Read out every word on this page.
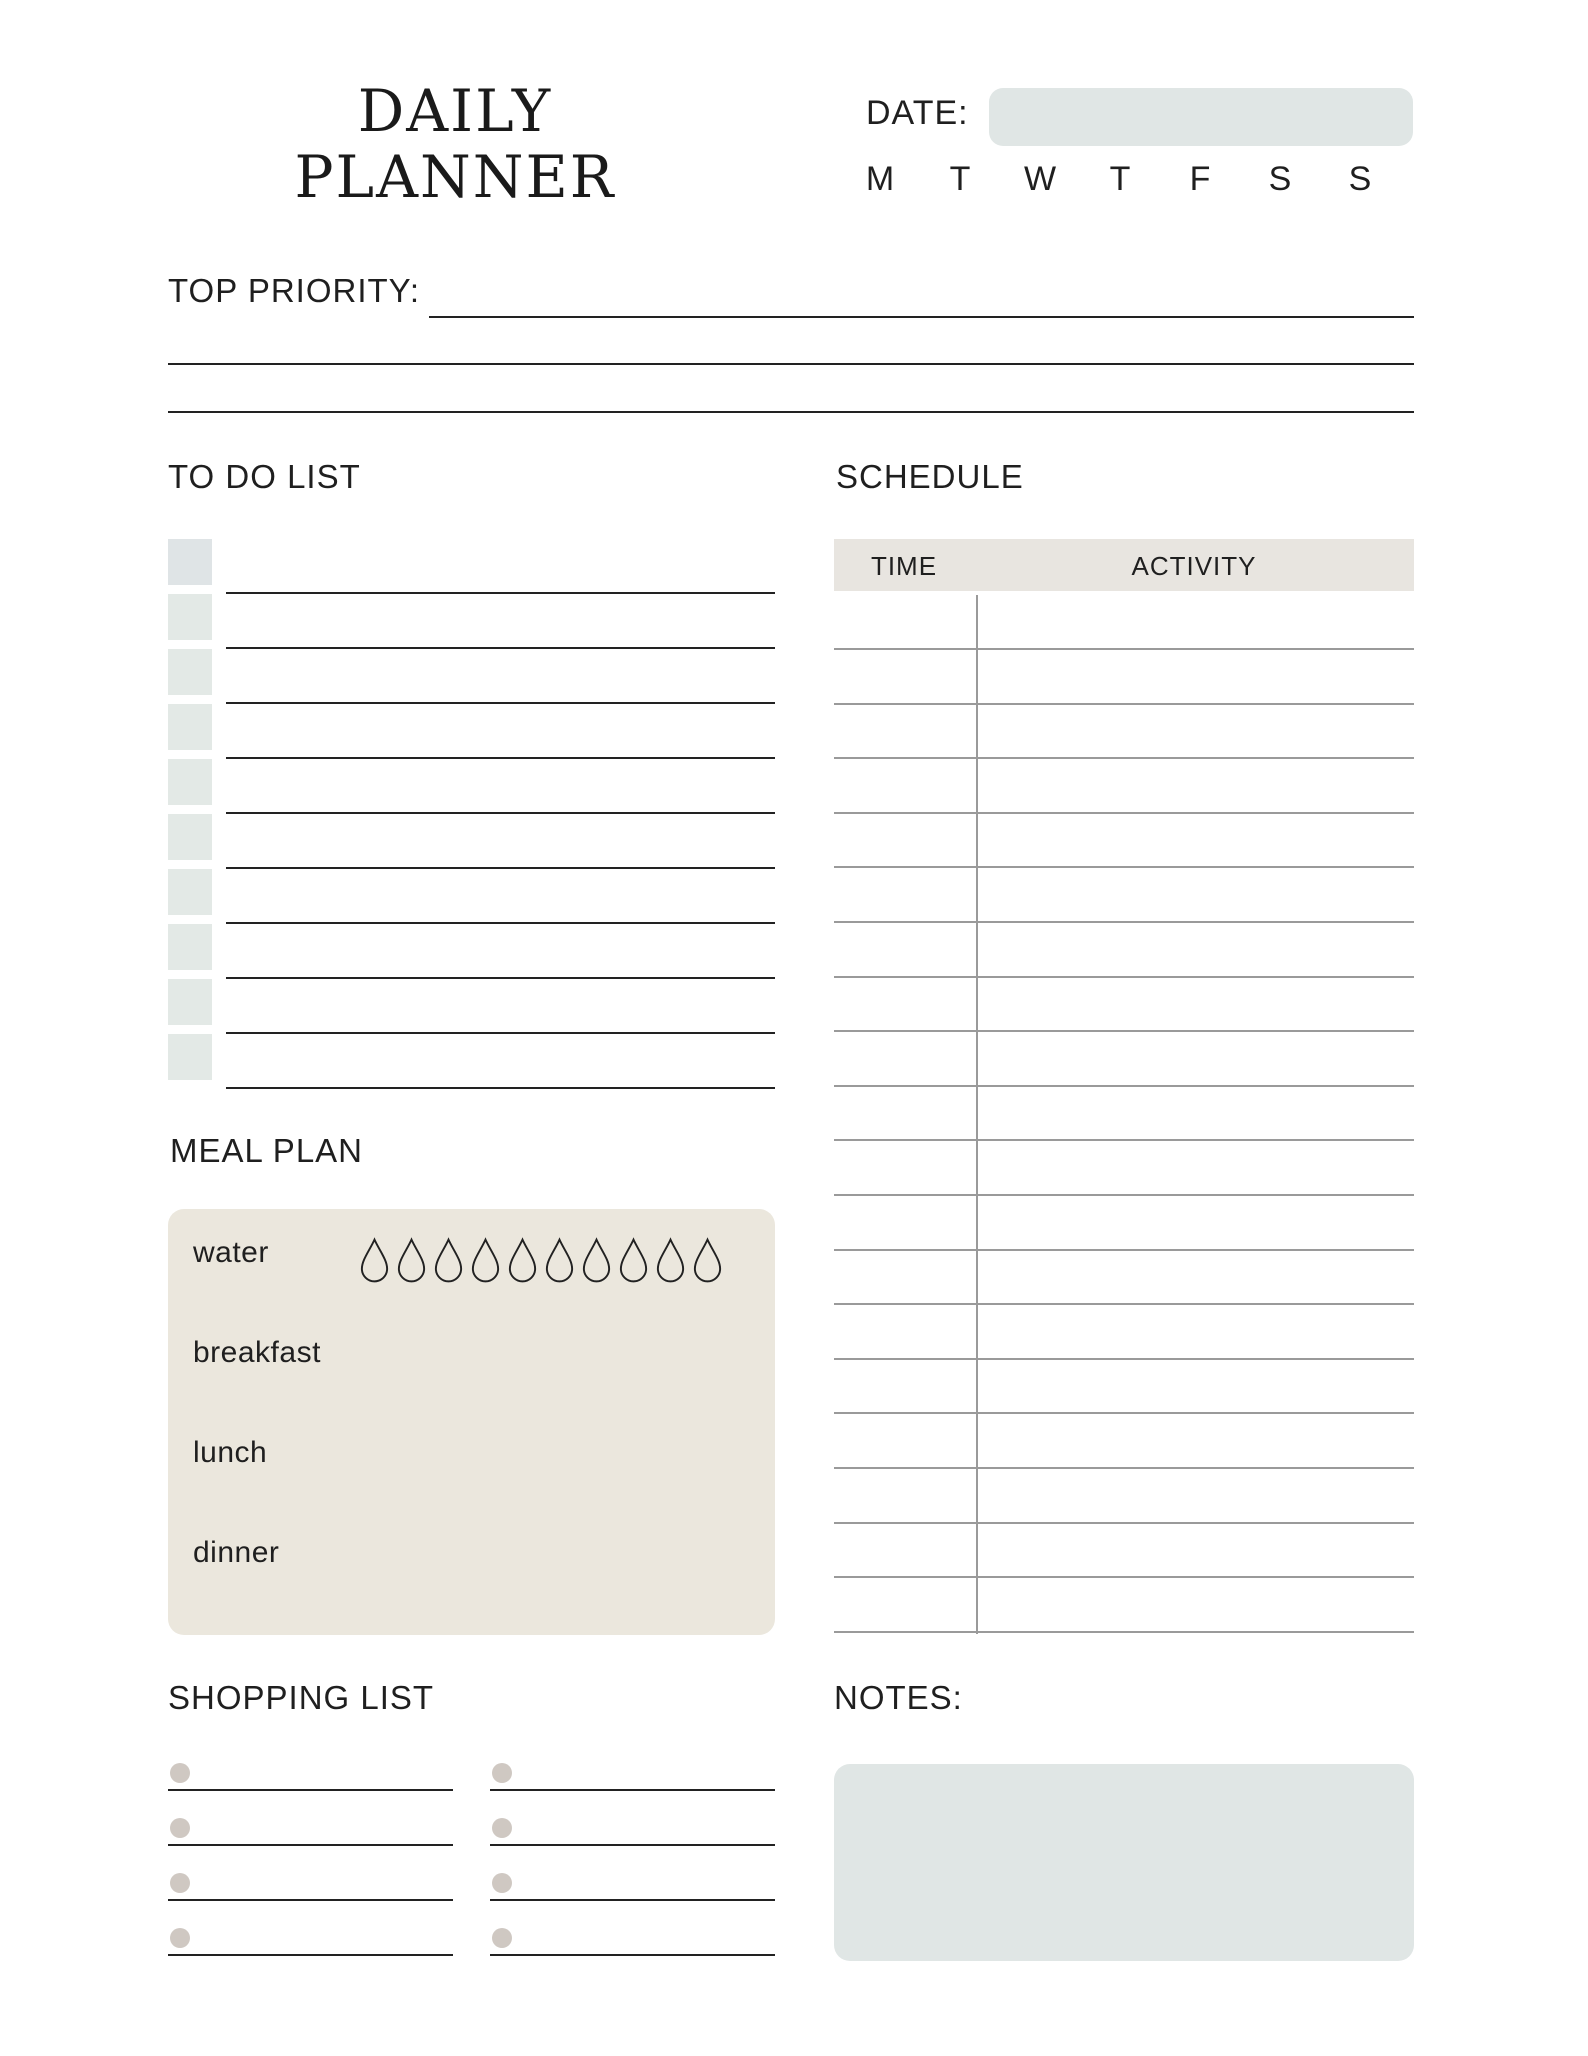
DAILY
PLANNER
DATE:
M T W T F S S
TOP PRIORITY:
TO DO LIST	SCHEDULE
TIME	ACTIVITY
MEAL PLAN
water
breakfast
lunch
dinner
SHOPPING LIST	NOTES:
